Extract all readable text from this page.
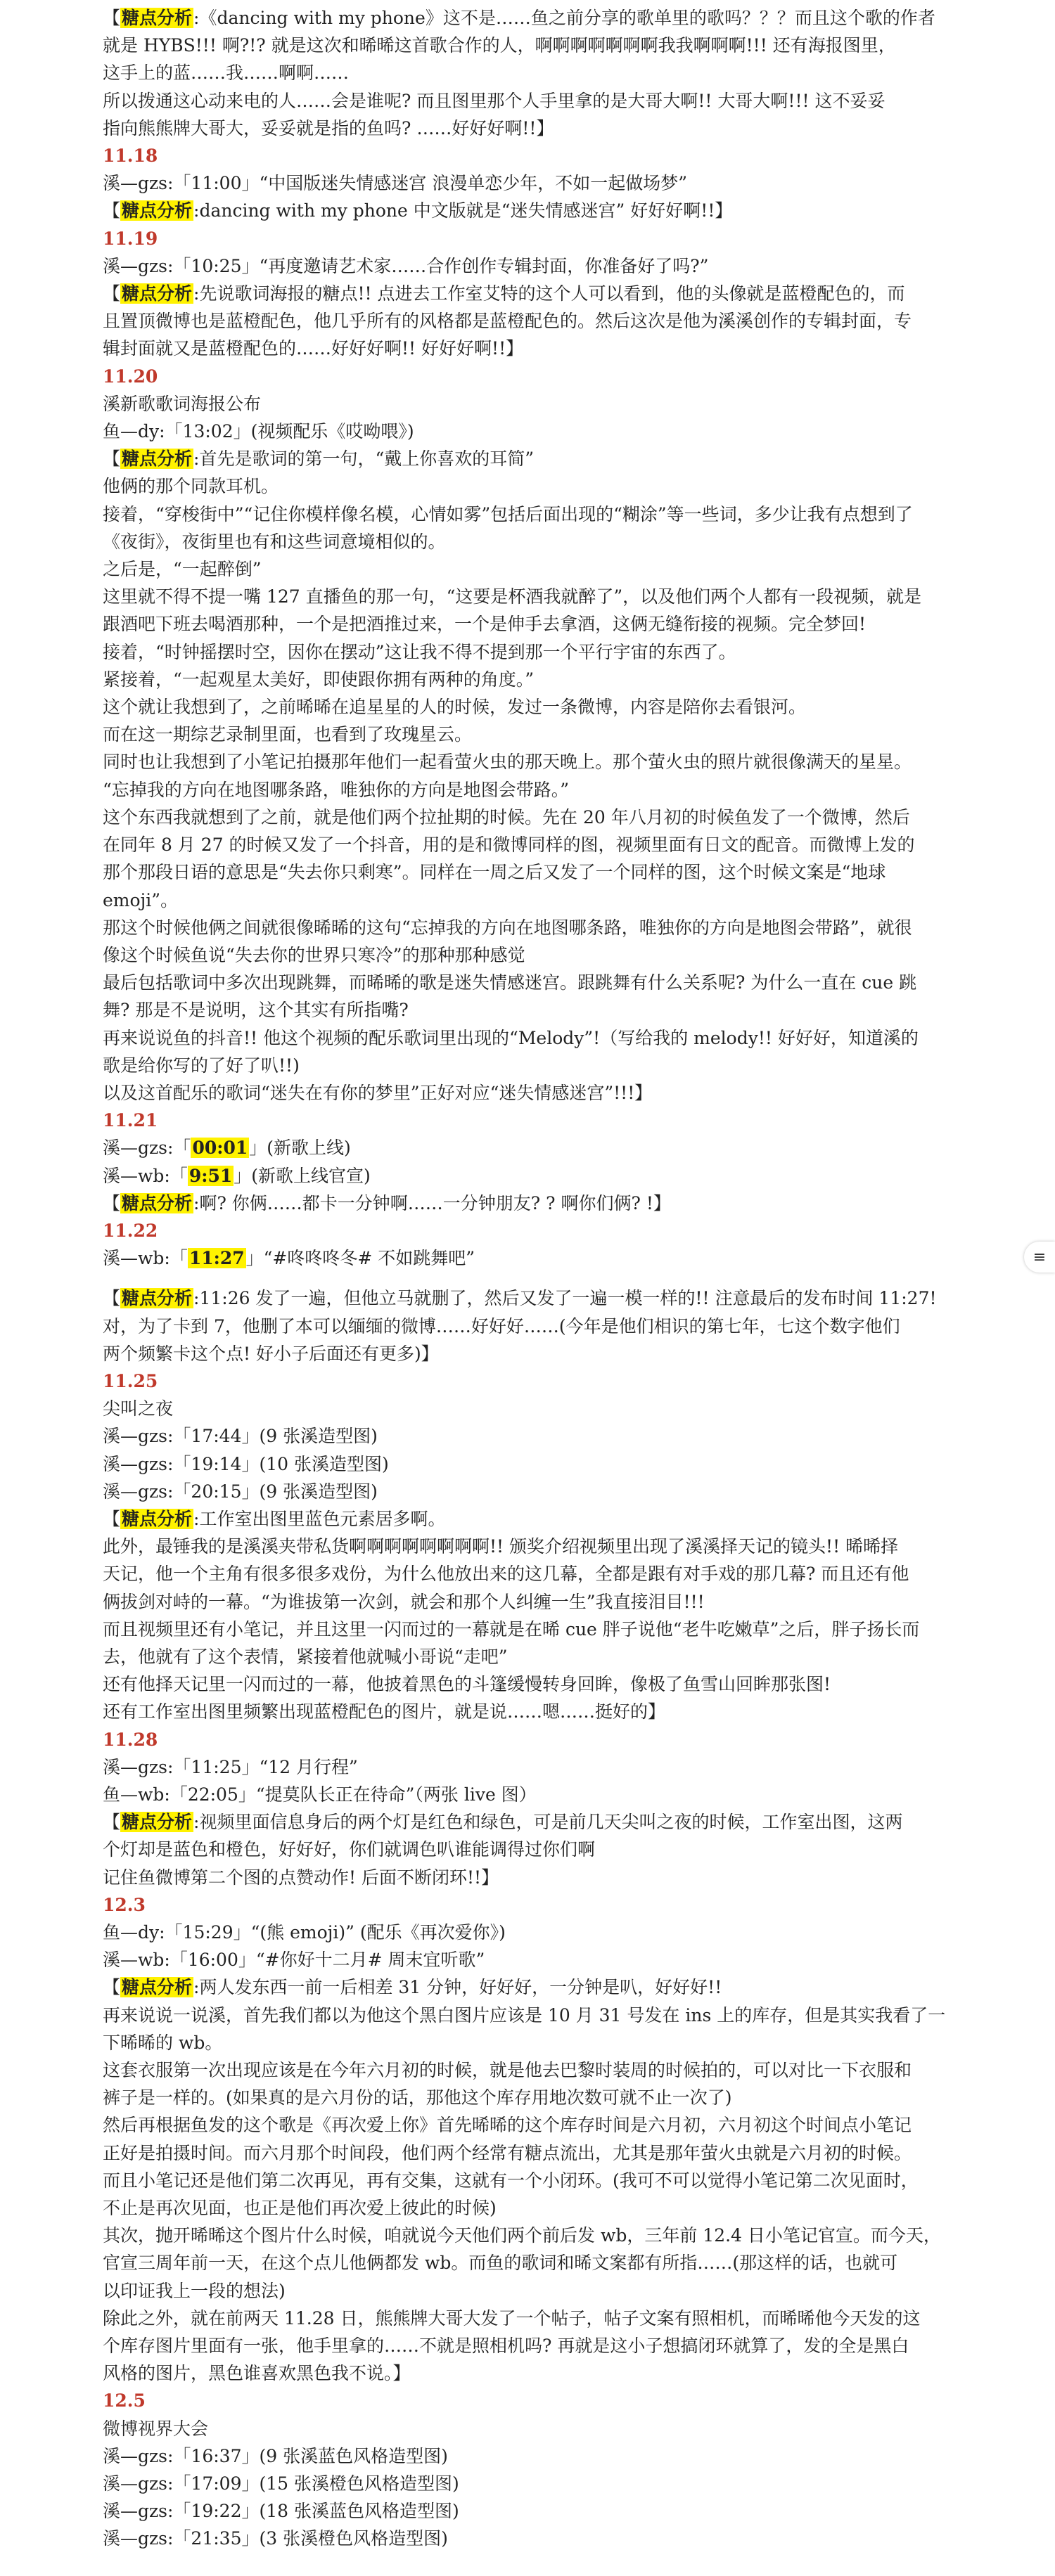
【糖点分析:《dancing with my phone》这不是……鱼之前分享的歌单里的歌吗？？？而且这个歌的作者
就是 HYBS!!! 啊?!? 就是这次和晞晞这首歌合作的人，啊啊啊啊啊啊啊我我啊啊啊!!! 还有海报图里，
这手上的蓝……我……啊啊……
所以拨通这心动来电的人……会是谁呢? 而且图里那个人手里拿的是大哥大啊!! 大哥大啊!!! 这不妥妥
指向熊熊牌大哥大，妥妥就是指的鱼吗? ……好好好啊!!】
11.18
溪—gzs:「11:00」“中国版迷失情感迷宫 浪漫单恋少年，不如一起做场梦”
【糖点分析:dancing with my phone 中文版就是“迷失情感迷宫” 好好好啊!!】
11.19
溪—gzs:「10:25」“再度邀请艺术家……合作创作专辑封面，你准备好了吗?”
【糖点分析:先说歌词海报的糖点!! 点进去工作室艾特的这个人可以看到，他的头像就是蓝橙配色的，而
且置顶微博也是蓝橙配色，他几乎所有的风格都是蓝橙配色的。然后这次是他为溪溪创作的专辑封面，专
辑封面就又是蓝橙配色的……好好好啊!! 好好好啊!!】
11.20
溪新歌歌词海报公布
鱼—dy:「13:02」(视频配乐《哎呦喂》)
【糖点分析:首先是歌词的第一句，“戴上你喜欢的耳简”
他俩的那个同款耳机。
接着，“穿梭街中”“记住你模样像名模，心情如雾”包括后面出现的“糊涂”等一些词，多少让我有点想到了
《夜街》，夜街里也有和这些词意境相似的。
之后是，“一起醉倒”
这里就不得不提一嘴 127 直播鱼的那一句，“这要是杯酒我就醉了”，以及他们两个人都有一段视频，就是
跟酒吧下班去喝酒那种，一个是把酒推过来，一个是伸手去拿酒，这俩无缝衔接的视频。完全梦回!
接着，“时钟摇摆时空，因你在摆动”这让我不得不提到那一个平行宇宙的东西了。
紧接着，“一起观星太美好，即使跟你拥有两种的角度。”
这个就让我想到了，之前晞晞在追星星的人的时候，发过一条微博，内容是陪你去看银河。
而在这一期综艺录制里面，也看到了玫瑰星云。
同时也让我想到了小笔记拍摄那年他们一起看萤火虫的那天晚上。那个萤火虫的照片就很像满天的星星。
“忘掉我的方向在地图哪条路，唯独你的方向是地图会带路。”
这个东西我就想到了之前，就是他们两个拉扯期的时候。先在 20 年八月初的时候鱼发了一个微博，然后
在同年 8 月 27 的时候又发了一个抖音，用的是和微博同样的图，视频里面有日文的配音。而微博上发的
那个那段日语的意思是“失去你只剩寒”。同样在一周之后又发了一个同样的图，这个时候文案是“地球
emoji”。
那这个时候他俩之间就很像晞晞的这句“忘掉我的方向在地图哪条路，唯独你的方向是地图会带路”，就很
像这个时候鱼说“失去你的世界只寒冷”的那种那种感觉
最后包括歌词中多次出现跳舞，而晞晞的歌是迷失情感迷宫。跟跳舞有什么关系呢? 为什么一直在 cue 跳
舞? 那是不是说明，这个其实有所指嘴?
再来说说鱼的抖音!! 他这个视频的配乐歌词里出现的“Melody”!（写给我的 melody!! 好好好，知道溪的
歌是给你写的了好了叭!!)
以及这首配乐的歌词“迷失在有你的梦里”正好对应“迷失情感迷宫”!!!】
11.21
溪—gzs:「00:01」(新歌上线)
溪—wb:「9:51」(新歌上线官宣)
【糖点分析:啊? 你俩……都卡一分钟啊……一分钟朋友? ? 啊你们俩? !】
11.22
溪—wb:「11:27」“#咚咚咚冬# 不如跳舞吧”
【糖点分析:11:26 发了一遍，但他立马就删了，然后又发了一遍一模一样的!! 注意最后的发布时间 11:27!
对，为了卡到 7，他删了本可以缅缅的微博……好好好……(今年是他们相识的第七年，七这个数字他们
两个频繁卡这个点! 好小子后面还有更多)】
11.25
尖叫之夜
溪—gzs:「17:44」(9 张溪造型图)
溪—gzs:「19:14」(10 张溪造型图)
溪—gzs:「20:15」(9 张溪造型图)
【糖点分析:工作室出图里蓝色元素居多啊。
此外，最锤我的是溪溪夹带私货啊啊啊啊啊啊啊啊!! 颁奖介绍视频里出现了溪溪择天记的镜头!! 晞晞择
天记，他一个主角有很多很多戏份，为什么他放出来的这几幕，全都是跟有对手戏的那几幕? 而且还有他
俩拔剑对峙的一幕。“为谁拔第一次剑，就会和那个人纠缠一生”我直接泪目!!!
而且视频里还有小笔记，并且这里一闪而过的一幕就是在晞 cue 胖子说他“老牛吃嫩草”之后，胖子扬长而
去，他就有了这个表情，紧接着他就喊小哥说“走吧”
还有他择天记里一闪而过的一幕，他披着黑色的斗篷缓慢转身回眸，像极了鱼雪山回眸那张图!
还有工作室出图里频繁出现蓝橙配色的图片，就是说……嗯……挺好的】
11.28
溪—gzs:「11:25」“12 月行程”
鱼—wb:「22:05」“提莫队长正在待命”（两张 live 图）
【糖点分析:视频里面信息身后的两个灯是红色和绿色，可是前几天尖叫之夜的时候，工作室出图，这两
个灯却是蓝色和橙色，好好好，你们就调色叭谁能调得过你们啊
记住鱼微博第二个图的点赞动作! 后面不断闭环!!】
12.3
鱼—dy:「15:29」“(熊 emoji)” (配乐《再次爱你》)
溪—wb:「16:00」“#你好十二月# 周末宜听歌”
【糖点分析:两人发东西一前一后相差 31 分钟，好好好，一分钟是叭，好好好!!
再来说说一说溪，首先我们都以为他这个黑白图片应该是 10 月 31 号发在 ins 上的库存，但是其实我看了一
下晞晞的 wb。
这套衣服第一次出现应该是在今年六月初的时候，就是他去巴黎时装周的时候拍的，可以对比一下衣服和
裤子是一样的。(如果真的是六月份的话，那他这个库存用地次数可就不止一次了)
然后再根据鱼发的这个歌是《再次爱上你》首先晞晞的这个库存时间是六月初，六月初这个时间点小笔记
正好是拍摄时间。而六月那个时间段，他们两个经常有糖点流出，尤其是那年萤火虫就是六月初的时候。
而且小笔记还是他们第二次再见，再有交集，这就有一个小闭环。(我可不可以觉得小笔记第二次见面时，
不止是再次见面，也正是他们再次爱上彼此的时候)
其次，抛开晞晞这个图片什么时候，咱就说今天他们两个前后发 wb，三年前 12.4 日小笔记官宣。而今天，
官宣三周年前一天，在这个点儿他俩都发 wb。而鱼的歌词和晞文案都有所指……(那这样的话，也就可
以印证我上一段的想法)
除此之外，就在前两天 11.28 日，熊熊牌大哥大发了一个帖子，帖子文案有照相机，而晞晞他今天发的这
个库存图片里面有一张，他手里拿的……不就是照相机吗? 再就是这小子想搞闭环就算了，发的全是黑白
风格的图片，黑色谁喜欢黑色我不说。】
12.5
微博视界大会
溪—gzs:「16:37」(9 张溪蓝色风格造型图)
溪—gzs:「17:09」(15 张溪橙色风格造型图)
溪—gzs:「19:22」(18 张溪蓝色风格造型图)
溪—gzs:「21:35」(3 张溪橙色风格造型图)
≡
